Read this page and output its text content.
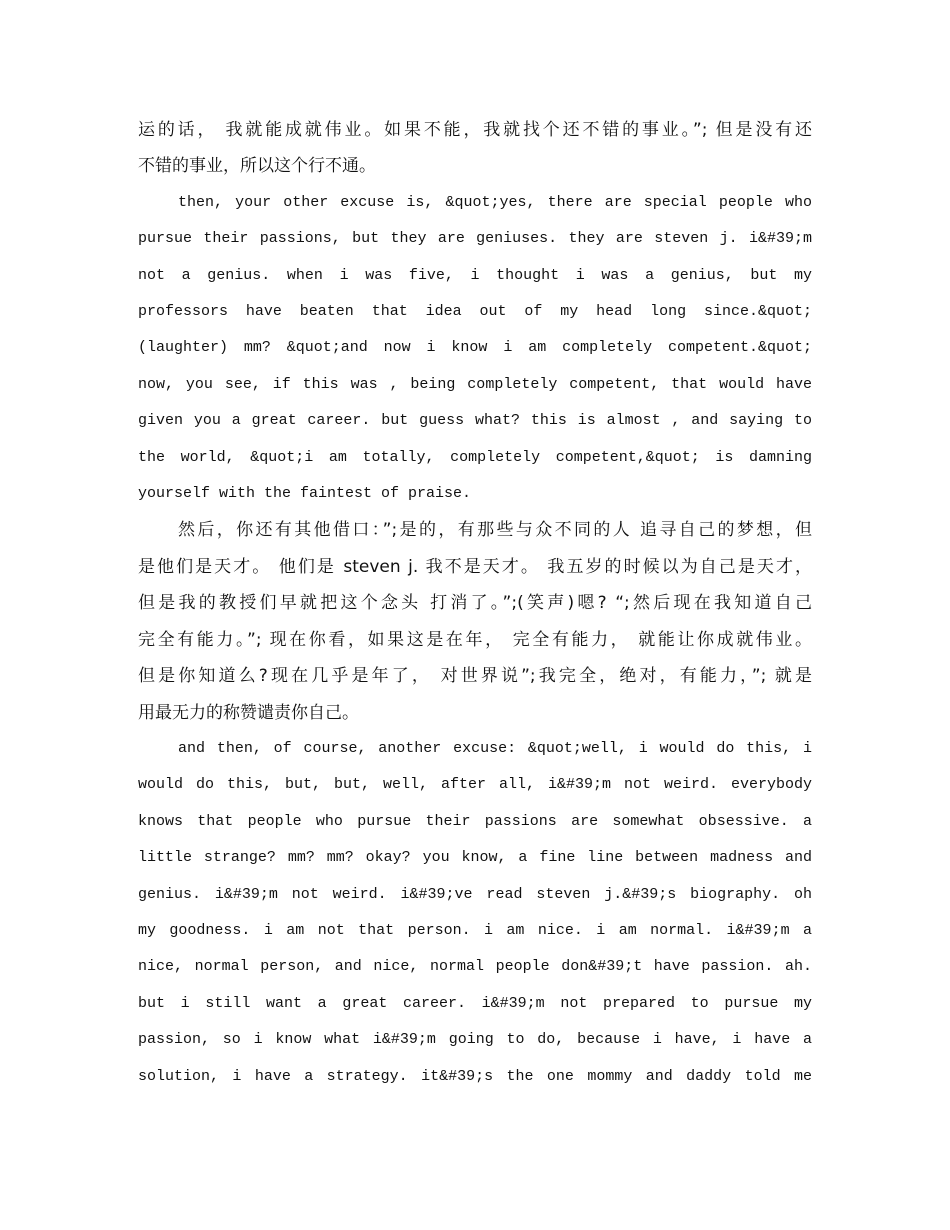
运的话， 我就能成就伟业。如果不能，我就找个还不错的事业。”; 但是没有还
不错的事业，所以这个行不通。
then, your other excuse is, &quot;yes, there are special people who
pursue their passions, but they are geniuses. they are steven j. i&#39;m
not a genius. when i was five, i thought i was a genius, but my
professors have beaten that idea out of my head long since.&quot;
(laughter) mm? &quot;and now i know i am completely competent.&quot;
now, you see, if this was , being completely competent, that would have
given you a great career. but guess what? this is almost , and saying to
the world, &quot;i am totally, completely competent,&quot; is damning
yourself with the faintest of praise.
然后，你还有其他借口：”;是的，有那些与众不同的人 追寻自己的梦想，但
是他们是天才。 他们是 steven j. 我不是天才。 我五岁的时候以为自己是天才，
但是我的教授们早就把这个念头 打消了。”;(笑声)嗯? “;然后现在我知道自己
完全有能力。”; 现在你看，如果这是在年， 完全有能力， 就能让你成就伟业。
但是你知道么?现在几乎是年了， 对世界说”;我完全，绝对，有能力，”; 就是
用最无力的称赞谴责你自己。
and then, of course, another excuse: &quot;well, i would do this, i
would do this, but, but, well, after all, i&#39;m not weird. everybody
knows that people who pursue their passions are somewhat obsessive. a
little strange? mm? mm? okay? you know, a fine line between madness and
genius. i&#39;m not weird. i&#39;ve read steven j.&#39;s biography. oh
my goodness. i am not that person. i am nice. i am normal. i&#39;m a
nice, normal person, and nice, normal people don&#39;t have passion. ah.
but i still want a great career. i&#39;m not prepared to pursue my
passion, so i know what i&#39;m going to do, because i have, i have a
solution, i have a strategy. it&#39;s the one mommy and daddy told me
